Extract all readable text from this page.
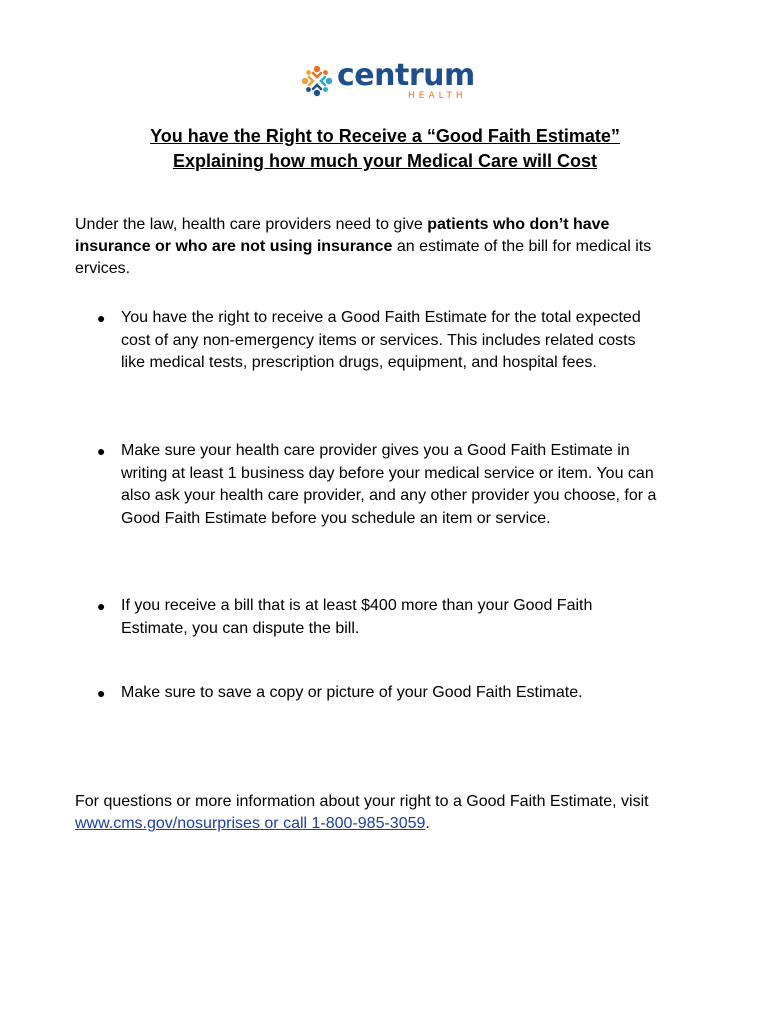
centrum
HEALTH

You have the Right to Receive a “Good Faith Estimate”

Explaining how much your Medical Care will Cost

Under the law, health care providers need to give patients who don’t have insurance or who are not using insurance an estimate of the bill for medical its ervices.

● You have the right to receive a Good Faith Estimate for the total expected cost of any non-emergency items or services. This includes related costs like medical tests, prescription drugs, equipment, and hospital fees.

● Make sure your health care provider gives you a Good Faith Estimate in writing at least 1 business day before your medical service or item. You can also ask your health care provider, and any other provider you choose, for a Good Faith Estimate before you schedule an item or service.

● If you receive a bill that is at least $400 more than your Good Faith Estimate, you can dispute the bill.

● Make sure to save a copy or picture of your Good Faith Estimate.

For questions or more information about your right to a Good Faith Estimate, visit www.cms.gov/nosurprises or call 1-800-985-3059.
